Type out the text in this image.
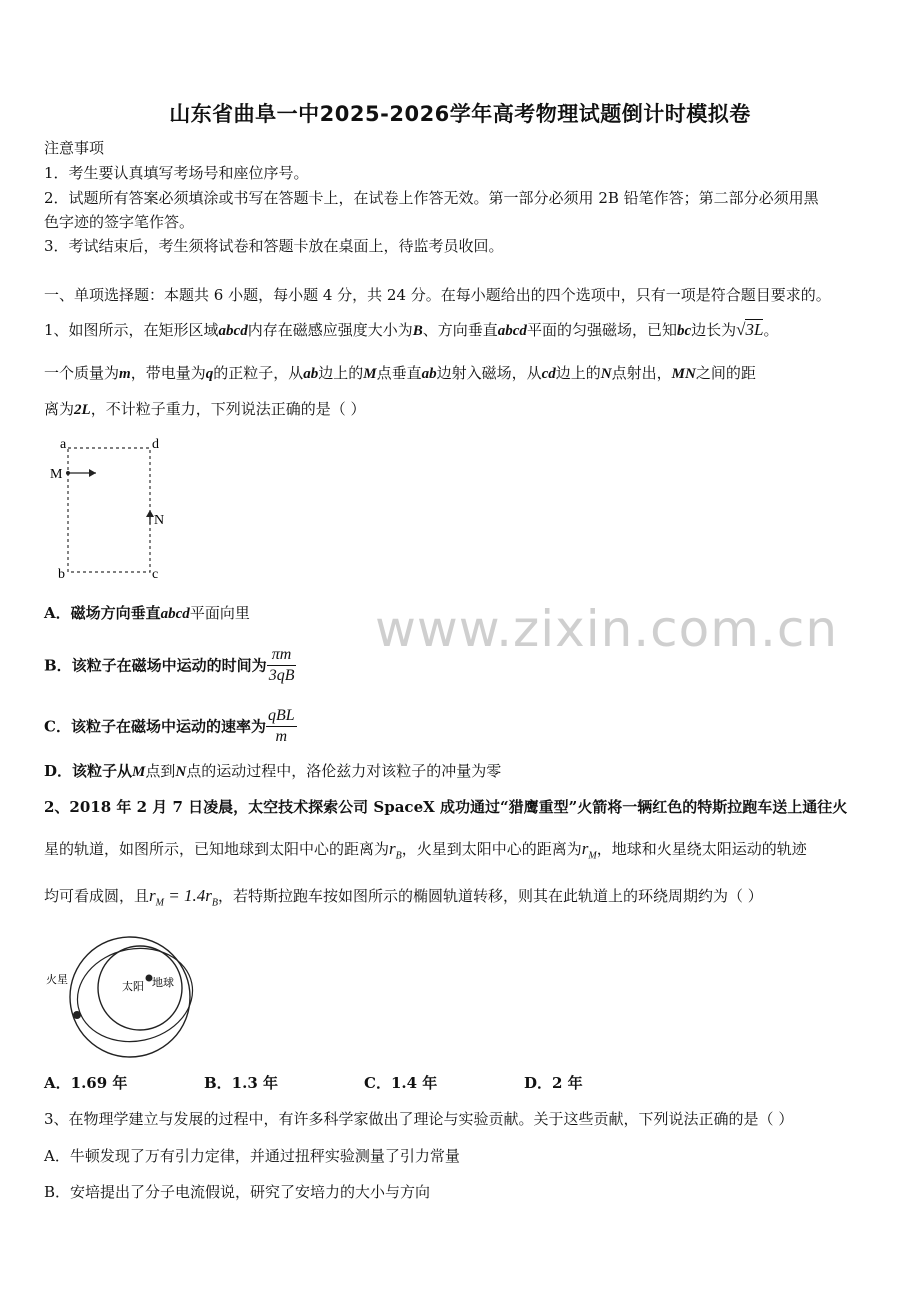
山东省曲阜一中2025-2026学年高考物理试题倒计时模拟卷
注意事项
1．考生要认真填写考场号和座位序号。
2．试题所有答案必须填涂或书写在答题卡上，在试卷上作答无效。第一部分必须用 2B 铅笔作答；第二部分必须用黑
色字迹的签字笔作答。
3．考试结束后，考生须将试卷和答题卡放在桌面上，待监考员收回。
一、单项选择题：本题共 6 小题，每小题 4 分，共 24 分。在每小题给出的四个选项中，只有一项是符合题目要求的。
www.zixin.com.cn
1、如图所示，在矩形区域abcd内存在磁感应强度大小为B、方向垂直abcd平面的匀强磁场，已知bc边长为√3L。
一个质量为m，带电量为q的正粒子，从ab边上的M点垂直ab边射入磁场，从cd边上的N点射出，MN之间的距
离为2L，不计粒子重力，下列说法正确的是（ ）
a	d
b	c
M
N
A．磁场方向垂直abcd平面向里
B．该粒子在磁场中运动的时间为 $\frac{\pi m}{3qB}$
C．该粒子在磁场中运动的速率为 $\frac{\text{qBL}}{m}$
D．该粒子从M点到N点的运动过程中，洛伦兹力对该粒子的冲量为零
2、2018 年 2 月 7 日凌晨，太空技术探索公司 SpaceX 成功通过“猎鹰重型”火箭将一辆红色的特斯拉跑车送上通往火
星的轨道，如图所示，已知地球到太阳中心的距离为$r_B$，火星到太阳中心的距离为$r_M$，地球和火星绕太阳运动的轨迹
均可看成圆，且$r_M = 1.4r_B$，若特斯拉跑车按如图所示的椭圆轨道转移，则其在此轨道上的环绕周期约为（ ）
火星
太阳 地球
A．1.69 年	B．1.3 年	C．1.4 年	D．2 年
3、在物理学建立与发展的过程中，有许多科学家做出了理论与实验贡献。关于这些贡献，下列说法正确的是（ ）
A．牛顿发现了万有引力定律，并通过扭秤实验测量了引力常量
B．安培提出了分子电流假说，研究了安培力的大小与方向
